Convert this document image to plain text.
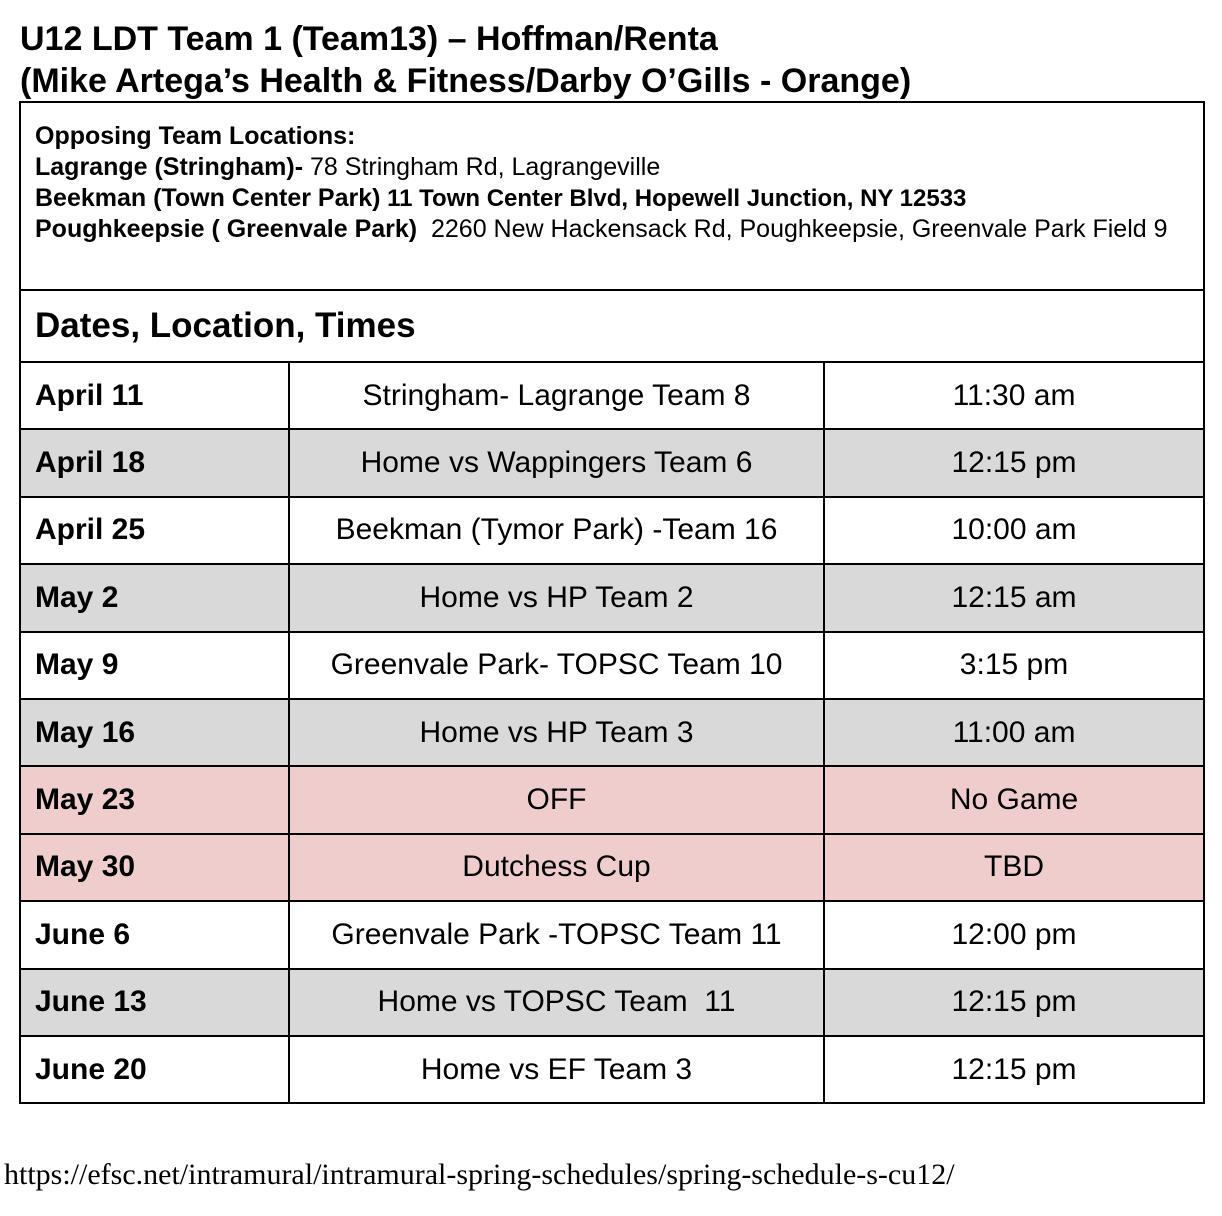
U12 LDT Team 1 (Team13) – Hoffman/Renta
(Mike Artega’s Health & Fitness/Darby O’Gills - Orange)
Opposing Team Locations:
Lagrange (Stringham)- 78 Stringham Rd, Lagrangeville
Beekman (Town Center Park) 11 Town Center Blvd, Hopewell Junction, NY 12533
Poughkeepsie ( Greenvale Park)  2260 New Hackensack Rd, Poughkeepsie, Greenvale Park Field 9		

Dates, Location, Times		
April 11	Stringham- Lagrange Team 8	11:30 am
April 18	Home vs Wappingers Team 6	12:15 pm
April 25	Beekman (Tymor Park) -Team 16	10:00 am
May 2	Home vs HP Team 2	12:15 am
May 9	Greenvale Park- TOPSC Team 10	3:15 pm
May 16	Home vs HP Team 3	11:00 am
May 23	OFF	No Game
May 30	Dutchess Cup	TBD
June 6	Greenvale Park -TOPSC Team 11	12:00 pm
June 13	Home vs TOPSC Team  11	12:15 pm
June 20	Home vs EF Team 3	12:15 pm
https://efsc.net/intramural/intramural-spring-schedules/spring-schedule-s-cu12/
